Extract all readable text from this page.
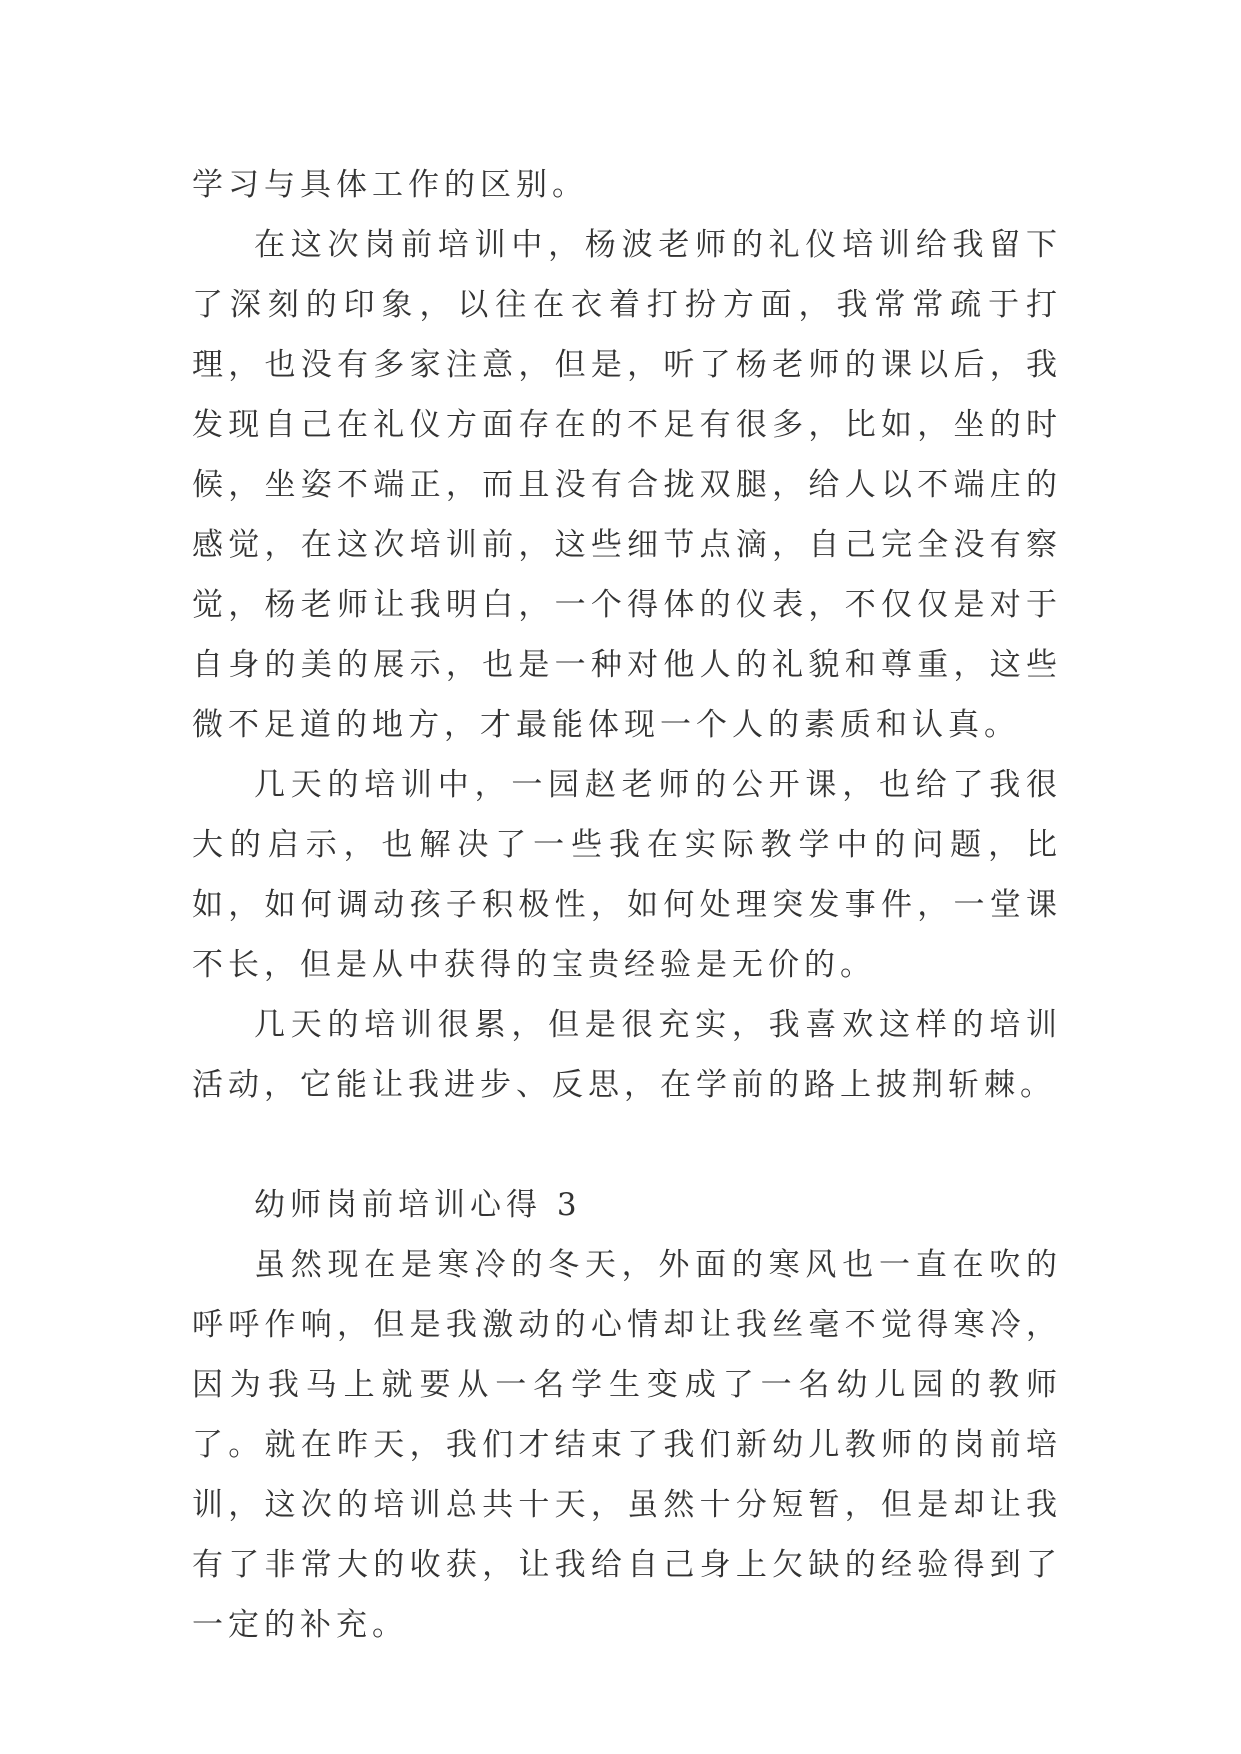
学习与具体工作的区别。

在这次岗前培训中，杨波老师的礼仪培训给我留下了深刻的印象，以往在衣着打扮方面，我常常疏于打理，也没有多家注意，但是，听了杨老师的课以后，我发现自己在礼仪方面存在的不足有很多，比如，坐的时候，坐姿不端正，而且没有合拢双腿，给人以不端庄的感觉，在这次培训前，这些细节点滴，自己完全没有察觉，杨老师让我明白，一个得体的仪表，不仅仅是对于自身的美的展示，也是一种对他人的礼貌和尊重，这些微不足道的地方，才最能体现一个人的素质和认真。

几天的培训中，一园赵老师的公开课，也给了我很大的启示，也解决了一些我在实际教学中的问题，比如，如何调动孩子积极性，如何处理突发事件，一堂课不长，但是从中获得的宝贵经验是无价的。

几天的培训很累，但是很充实，我喜欢这样的培训活动，它能让我进步、反思，在学前的路上披荆斩棘。

幼师岗前培训心得 3

虽然现在是寒冷的冬天，外面的寒风也一直在吹的呼呼作响，但是我激动的心情却让我丝毫不觉得寒冷，因为我马上就要从一名学生变成了一名幼儿园的教师了。就在昨天，我们才结束了我们新幼儿教师的岗前培训，这次的培训总共十天，虽然十分短暂，但是却让我有了非常大的收获，让我给自己身上欠缺的经验得到了一定的补充。
